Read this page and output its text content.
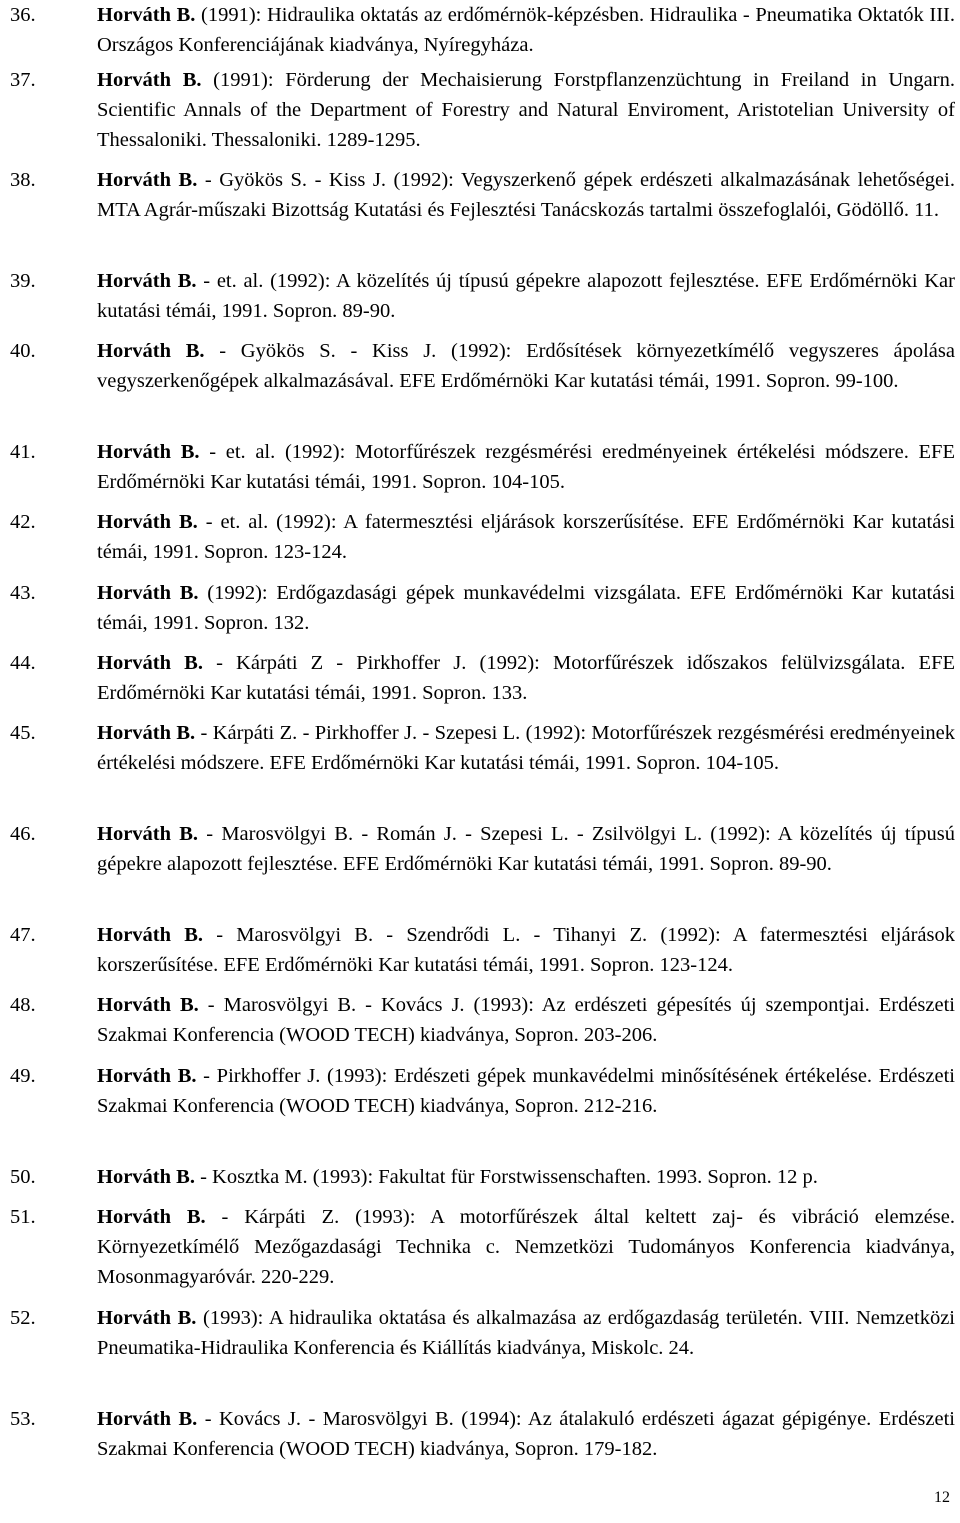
36.	Horváth B. (1991): Hidraulika oktatás az erdőmérnök-képzésben. Hidraulika - Pneumatika Oktatók III. Országos Konferenciájának kiadványa, Nyíregyháza.
37.	Horváth B. (1991): Förderung der Mechaisierung Forstpflanzenzüchtung in Freiland in Ungarn. Scientific Annals of the Department of Forestry and Natural Enviroment, Aristotelian University of Thessaloniki. Thessaloniki. 1289-1295.
38.	Horváth B. - Gyökös S. - Kiss J. (1992): Vegyszerkenő gépek erdészeti alkalmazásának lehetőségei. MTA Agrár-műszaki Bizottság Kutatási és Fejlesztési Tanácskozás tartalmi összefoglalói, Gödöllő. 11.
39.	Horváth B. - et. al. (1992): A közelítés új típusú gépekre alapozott fejlesztése. EFE Erdőmérnöki Kar kutatási témái, 1991. Sopron. 89-90.
40.	Horváth B. - Gyökös S. - Kiss J. (1992): Erdősítések környezetkímélő vegyszeres ápolása vegyszerkenőgépek alkalmazásával. EFE Erdőmérnöki Kar kutatási témái, 1991. Sopron. 99-100.
41.	Horváth B. - et. al. (1992): Motorfűrészek rezgésmérési eredményeinek értékelési módszere. EFE Erdőmérnöki Kar kutatási témái, 1991. Sopron. 104-105.
42.	Horváth B. - et. al. (1992): A fatermesztési eljárások korszerűsítése. EFE Erdőmérnöki Kar kutatási témái, 1991. Sopron. 123-124.
43.	Horváth B. (1992): Erdőgazdasági gépek munkavédelmi vizsgálata. EFE Erdőmérnöki Kar kutatási témái, 1991. Sopron. 132.
44.	Horváth B. - Kárpáti Z - Pirkhoffer J. (1992): Motorfűrészek időszakos felülvizsgálata. EFE Erdőmérnöki Kar kutatási témái, 1991. Sopron. 133.
45.	Horváth B. - Kárpáti Z. - Pirkhoffer J. - Szepesi L. (1992): Motorfűrészek rezgésmérési eredményeinek értékelési módszere. EFE Erdőmérnöki Kar kutatási témái, 1991. Sopron. 104-105.
46.	Horváth B. - Marosvölgyi B. - Román J. - Szepesi L. - Zsilvölgyi L. (1992): A közelítés új típusú gépekre alapozott fejlesztése. EFE Erdőmérnöki Kar kutatási témái, 1991. Sopron. 89-90.
47.	Horváth B. - Marosvölgyi B. - Szendrődi L. - Tihanyi Z. (1992): A fatermesztési eljárások korszerűsítése. EFE Erdőmérnöki Kar kutatási témái, 1991. Sopron. 123-124.
48.	Horváth B. - Marosvölgyi B. - Kovács J. (1993): Az erdészeti gépesítés új szempontjai. Erdészeti Szakmai Konferencia (WOOD TECH) kiadványa, Sopron. 203-206.
49.	Horváth B. - Pirkhoffer J. (1993): Erdészeti gépek munkavédelmi minősítésének értékelése. Erdészeti Szakmai Konferencia (WOOD TECH) kiadványa, Sopron. 212-216.
50.	Horváth B. - Kosztka M. (1993): Fakultat für Forstwissenschaften. 1993. Sopron. 12 p.
51.	Horváth B. - Kárpáti Z. (1993): A motorfűrészek által keltett zaj- és vibráció elemzése. Környezetkímélő Mezőgazdasági Technika c. Nemzetközi Tudományos Konferencia kiadványa, Mosonmagyaróvár. 220-229.
52.	Horváth B. (1993): A hidraulika oktatása és alkalmazása az erdőgazdaság területén. VIII. Nemzetközi Pneumatika-Hidraulika Konferencia és Kiállítás kiadványa, Miskolc. 24.
53.	Horváth B. - Kovács J. - Marosvölgyi B. (1994): Az átalakuló erdészeti ágazat gépigénye. Erdészeti Szakmai Konferencia (WOOD TECH) kiadványa, Sopron. 179-182.
12
